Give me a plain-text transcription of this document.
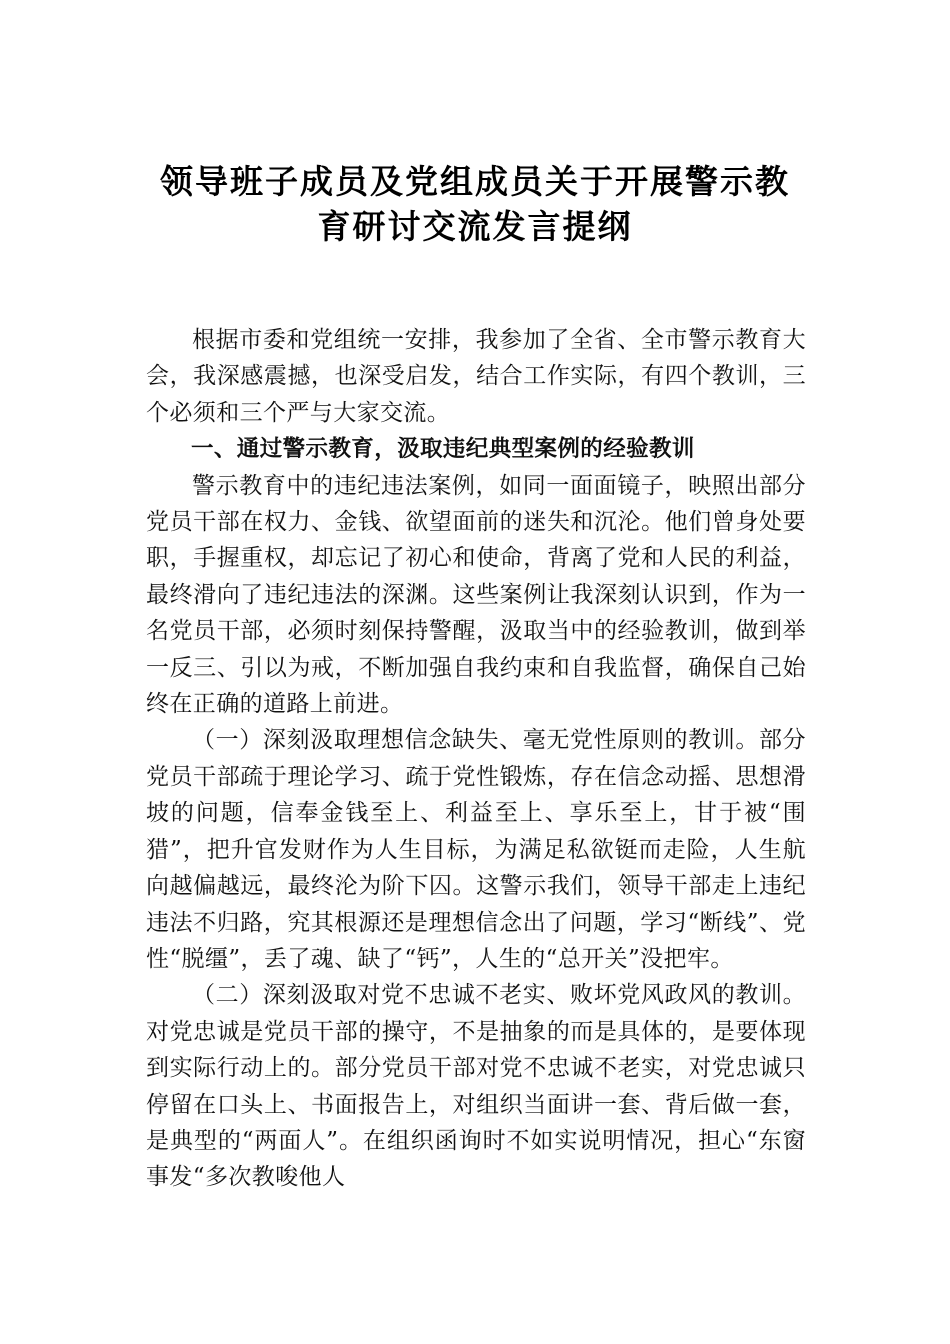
领导班子成员及党组成员关于开展警示教
育研讨交流发言提纲

根据市委和党组统一安排，我参加了全省、全市警示教育大会，我深感震撼，也深受启发，结合工作实际，有四个教训，三个必须和三个严与大家交流。

一、通过警示教育，汲取违纪典型案例的经验教训

警示教育中的违纪违法案例，如同一面面镜子，映照出部分党员干部在权力、金钱、欲望面前的迷失和沉沦。他们曾身处要职，手握重权，却忘记了初心和使命，背离了党和人民的利益，最终滑向了违纪违法的深渊。这些案例让我深刻认识到，作为一名党员干部，必须时刻保持警醒，汲取当中的经验教训，做到举一反三、引以为戒，不断加强自我约束和自我监督，确保自己始终在正确的道路上前进。

（一）深刻汲取理想信念缺失、毫无党性原则的教训。部分党员干部疏于理论学习、疏于党性锻炼，存在信念动摇、思想滑坡的问题，信奉金钱至上、利益至上、享乐至上，甘于被“围猎”，把升官发财作为人生目标，为满足私欲铤而走险，人生航向越偏越远，最终沦为阶下囚。这警示我们，领导干部走上违纪违法不归路，究其根源还是理想信念出了问题，学习“断线”、党性“脱缰”，丢了魂、缺了“钙”，人生的“总开关”没把牢。

（二）深刻汲取对党不忠诚不老实、败坏党风政风的教训。对党忠诚是党员干部的操守，不是抽象的而是具体的，是要体现到实际行动上的。部分党员干部对党不忠诚不老实，对党忠诚只停留在口头上、书面报告上，对组织当面讲一套、背后做一套，是典型的“两面人”。在组织函询时不如实说明情况，担心“东窗事发“多次教唆他人
